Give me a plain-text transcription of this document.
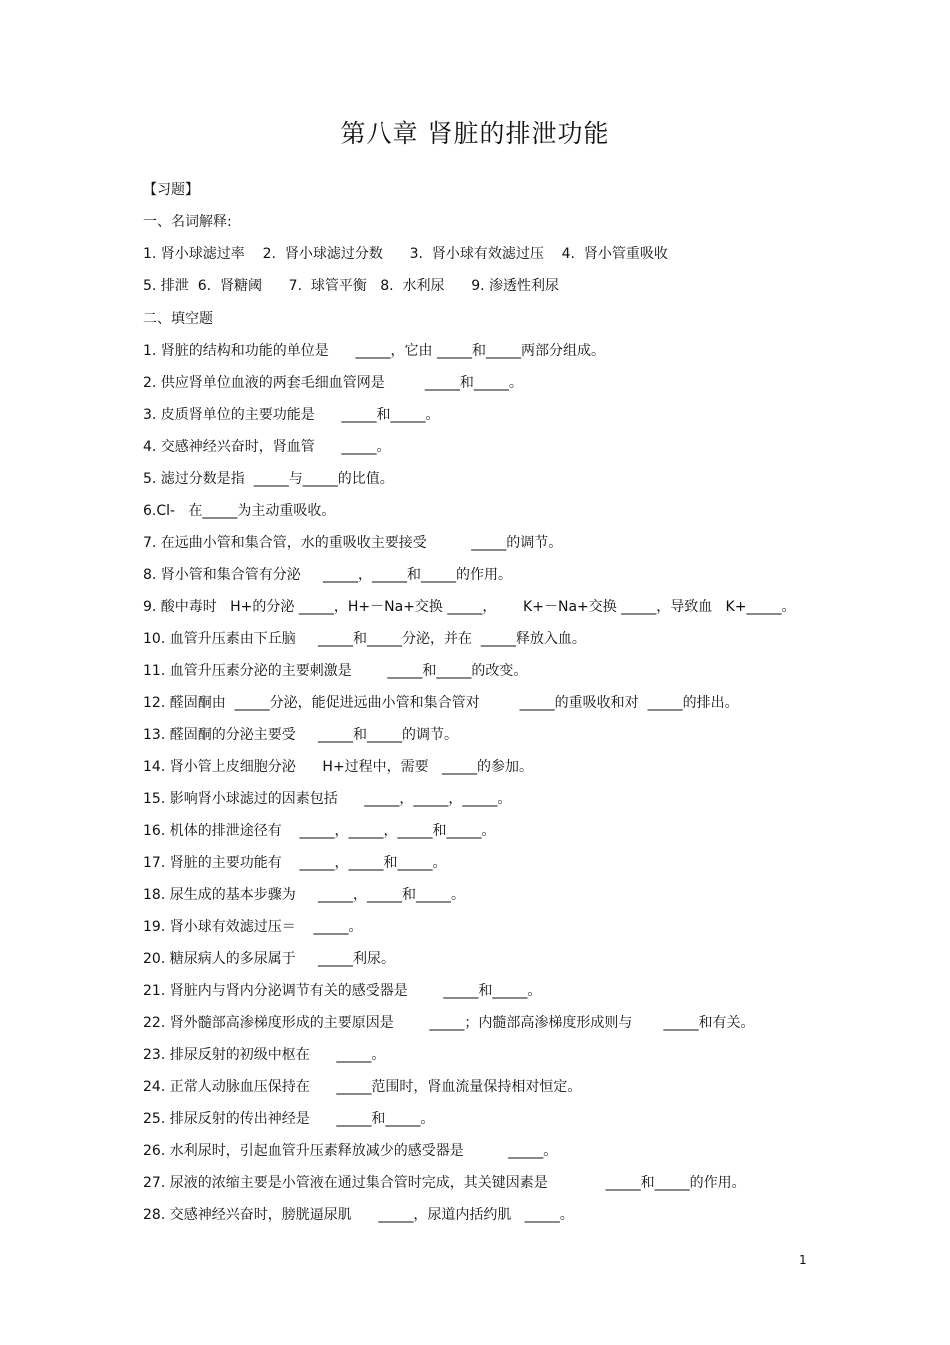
第八章 肾脏的排泄功能
【习题】
一、名词解释:
1. 肾小球滤过率    2.  肾小球滤过分数      3.  肾小球有效滤过压    4.  肾小管重吸收
5. 排泄  6.  肾糖阈      7.  球管平衡   8.  水利尿      9. 渗透性利尿
二、填空题
1. 肾脏的结构和功能的单位是      _____，它由 _____和_____两部分组成。
2. 供应肾单位血液的两套毛细血管网是         _____和_____。
3. 皮质肾单位的主要功能是      _____和_____。
4. 交感神经兴奋时，肾血管      _____。
5. 滤过分数是指  _____与_____的比值。
6.Cl-   在_____为主动重吸收。
7. 在远曲小管和集合管，水的重吸收主要接受          _____的调节。
8. 肾小管和集合管有分泌     _____，_____和_____的作用。
9. 酸中毒时   H+的分泌 _____，H+－Na+交换 _____，      K+－Na+交换 _____，导致血   K+_____。
10. 血管升压素由下丘脑     _____和_____分泌，并在  _____释放入血。
11. 血管升压素分泌的主要刺激是        _____和_____的改变。
12. 醛固酮由  _____分泌，能促进远曲小管和集合管对         _____的重吸收和对  _____的排出。
13. 醛固酮的分泌主要受     _____和_____的调节。
14. 肾小管上皮细胞分泌      H+过程中，需要   _____的参加。
15. 影响肾小球滤过的因素包括      _____，_____，_____。
16. 机体的排泄途径有    _____，_____，_____和_____。
17. 肾脏的主要功能有    _____，_____和_____。
18. 尿生成的基本步骤为     _____，_____和_____。
19. 肾小球有效滤过压＝    _____。
20. 糖尿病人的多尿属于     _____利尿。
21. 肾脏内与肾内分泌调节有关的感受器是        _____和_____。
22. 肾外髓部高渗梯度形成的主要原因是        _____；内髓部高渗梯度形成则与       _____和有关。
23. 排尿反射的初级中枢在      _____。
24. 正常人动脉血压保持在      _____范围时，肾血流量保持相对恒定。
25. 排尿反射的传出神经是      _____和_____。
26. 水利尿时，引起血管升压素释放减少的感受器是          _____。
27. 尿液的浓缩主要是小管液在通过集合管时完成，其关键因素是             _____和_____的作用。
28. 交感神经兴奋时，膀胱逼尿肌      _____，尿道内括约肌   _____。
1
